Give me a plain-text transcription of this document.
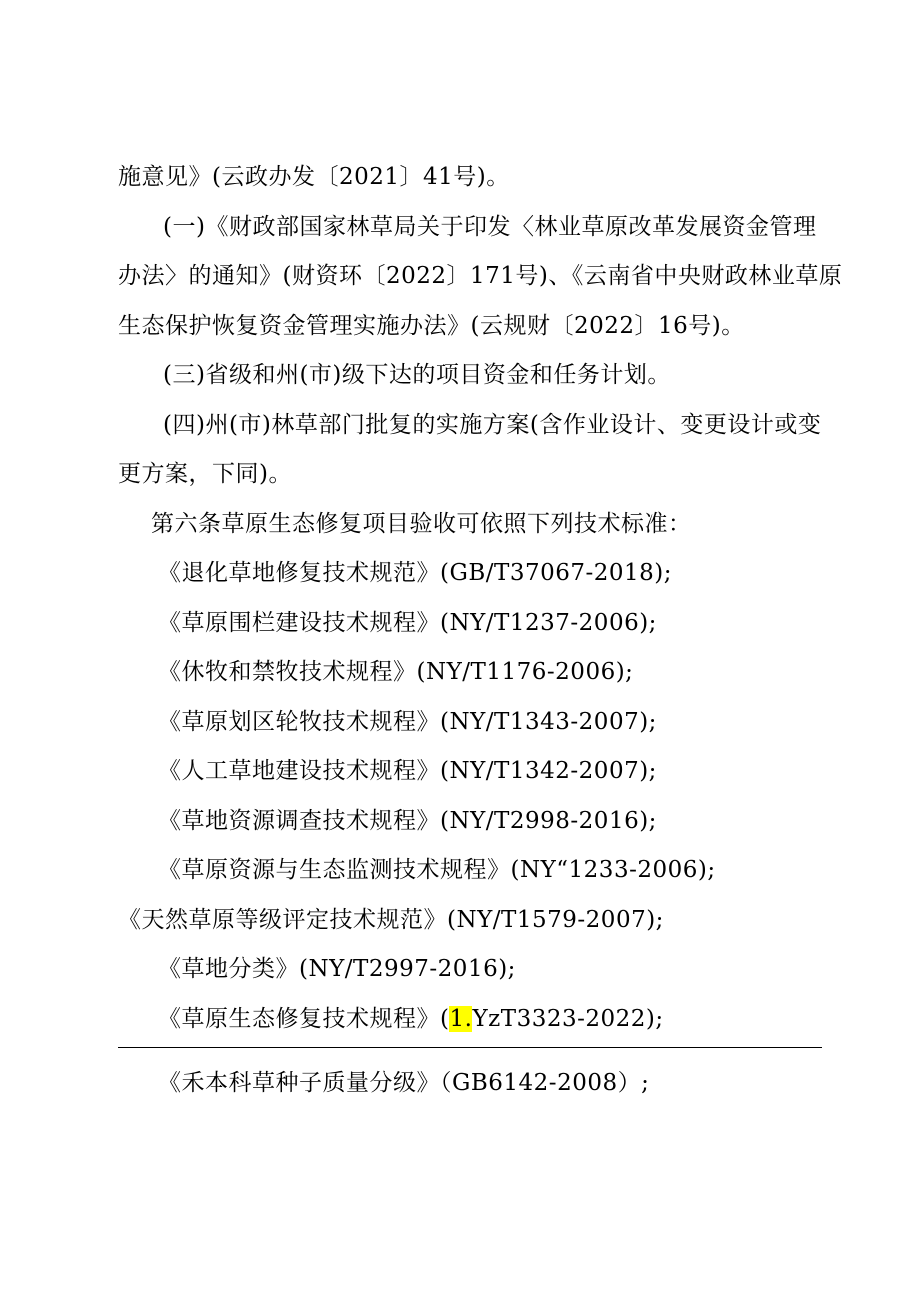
施意见》(云政办发〔2021〕41号)。
(一)《财政部国家林草局关于印发〈林业草原改革发展资金管理
办法〉的通知》(财资环〔2022〕171号)、《云南省中央财政林业草原
生态保护恢复资金管理实施办法》(云规财〔2022〕16号)。
(三)省级和州(市)级下达的项目资金和任务计划。
(四)州(市)林草部门批复的实施方案(含作业设计、变更设计或变
更方案，下同)。
第六条草原生态修复项目验收可依照下列技术标准：
《退化草地修复技术规范》(GB/T37067-2018);
《草原围栏建设技术规程》(NY/T1237-2006);
《休牧和禁牧技术规程》(NY/T1176-2006);
《草原划区轮牧技术规程》(NY/T1343-2007);
《人工草地建设技术规程》(NY/T1342-2007);
《草地资源调查技术规程》(NY/T2998-2016);
《草原资源与生态监测技术规程》(NY“1233-2006);
《天然草原等级评定技术规范》(NY/T1579-2007);
《草地分类》(NY/T2997-2016);
《草原生态修复技术规程》(1.YzT3323-2022);
《禾本科草种子质量分级》（GB6142-2008）;
